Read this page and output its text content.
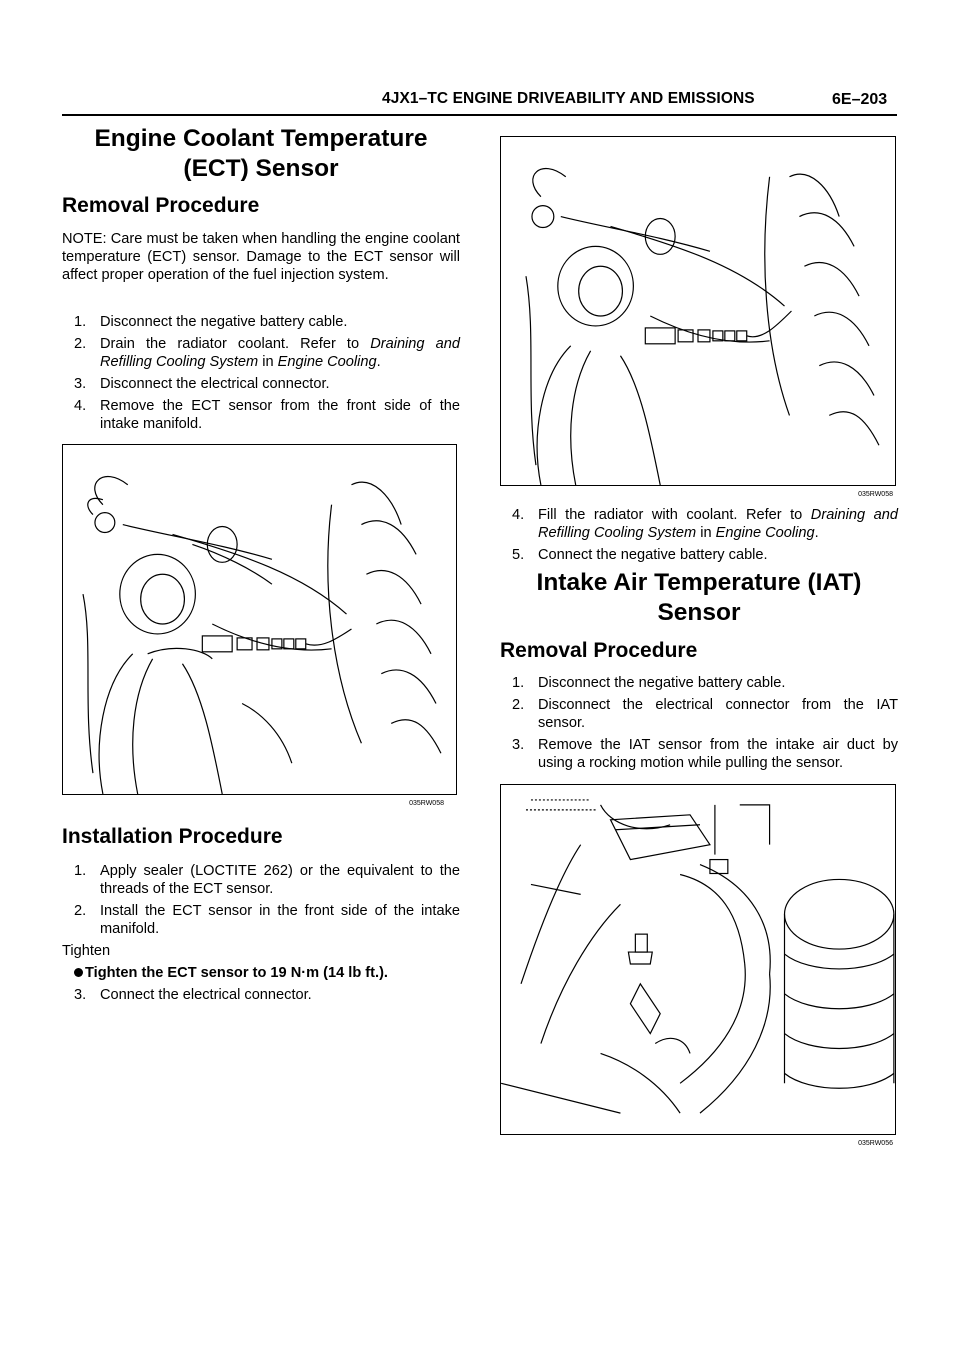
4JX1–TC ENGINE DRIVEABILITY AND EMISSIONS	6E–203
Engine Coolant Temperature
(ECT) Sensor
Removal Procedure
NOTE: Care must be taken when handling the engine coolant temperature (ECT) sensor. Damage to the ECT sensor will affect proper operation of the fuel injection system.
1. Disconnect the negative battery cable.
2. Drain the radiator coolant. Refer to Draining and Refilling Cooling System in Engine Cooling.
3. Disconnect the electrical connector.
4. Remove the ECT sensor from the front side of the intake manifold.
035RW058
Installation Procedure
1. Apply sealer (LOCTITE 262) or the equivalent to the threads of the ECT sensor.
2. Install the ECT sensor in the front side of the intake manifold.
Tighten
Tighten the ECT sensor to 19 N·m (14 lb ft.).
3. Connect the electrical connector.
035RW058
4. Fill the radiator with coolant. Refer to Draining and Refilling Cooling System in Engine Cooling.
5. Connect the negative battery cable.
Intake Air Temperature (IAT)
Sensor
Removal Procedure
1. Disconnect the negative battery cable.
2. Disconnect the electrical connector from the IAT sensor.
3. Remove the IAT sensor from the intake air duct by using a rocking motion while pulling the sensor.
035RW056
